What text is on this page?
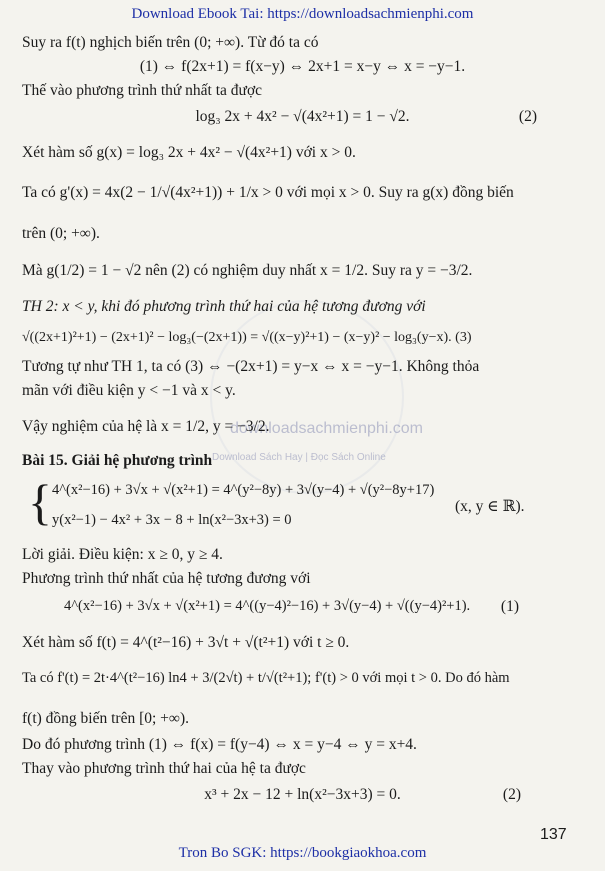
Download Ebook Tai: https://downloadsachmienphi.com
downloadsachmienphi.com
Download Sách Hay | Đọc Sách Online
Suy ra f(t) nghịch biến trên (0; +∞). Từ đó ta có
(1) ⇔ f(2x+1) = f(x−y) ⇔ 2x+1 = x−y ⇔ x = −y−1.
Thế vào phương trình thứ nhất ta được
log₃ 2x + 4x² − √(4x²+1) = 1 − √2.	(2)
Xét hàm số g(x) = log₃ 2x + 4x² − √(4x²+1) với x > 0.
Ta có g'(x) = 4x(2 − 1/√(4x²+1)) + 1/x > 0 với mọi x > 0. Suy ra g(x) đồng biến
trên (0; +∞).
Mà g(1/2) = 1 − √2 nên (2) có nghiệm duy nhất x = 1/2. Suy ra y = −3/2.
TH 2: x < y, khi đó phương trình thứ hai của hệ tương đương với
√((2x+1)²+1) − (2x+1)² − log₃(−(2x+1)) = √((x−y)²+1) − (x−y)² − log₃(y−x). (3)
Tương tự như TH 1, ta có (3) ⇔ −(2x+1) = y−x ⇔ x = −y−1. Không thỏa
mãn với điều kiện y < −1 và x < y.
Vậy nghiệm của hệ là x = 1/2, y = −3/2.
Bài 15. Giải hệ phương trình
{ 4^(x²−16) + 3√x + √(x²+1) = 4^(y²−8y) + 3√(y−4) + √(y²−8y+17)
y(x²−1) − 4x² + 3x − 8 + ln(x²−3x+3) = 0
(x, y ∈ ℝ).
Lời giải. Điều kiện: x ≥ 0, y ≥ 4.
Phương trình thứ nhất của hệ tương đương với
4^(x²−16) + 3√x + √(x²+1) = 4^((y−4)²−16) + 3√(y−4) + √((y−4)²+1). (1)
Xét hàm số f(t) = 4^(t²−16) + 3√t + √(t²+1) với t ≥ 0.
Ta có f'(t) = 2t·4^(t²−16) ln4 + 3/(2√t) + t/√(t²+1); f'(t) > 0 với mọi t > 0. Do đó hàm
f(t) đồng biến trên [0; +∞).
Do đó phương trình (1) ⇔ f(x) = f(y−4) ⇔ x = y−4 ⇔ y = x+4.
Thay vào phương trình thứ hai của hệ ta được
x³ + 2x − 12 + ln(x²−3x+3) = 0.	(2)
137
Tron Bo SGK: https://bookgiaokhoa.com
